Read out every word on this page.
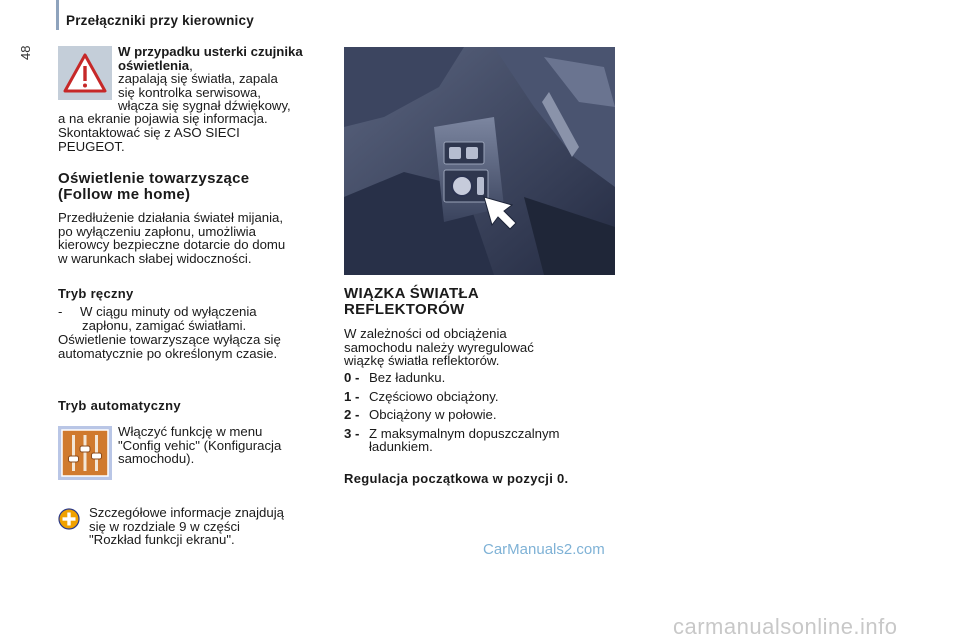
48
Przełączniki przy kierownicy
W przypadku usterki czujnika oświetlenia,
zapalają się światła, zapala
się kontrolka serwisowa,
włącza się sygnał dźwiękowy,
a na ekranie pojawia się informacja.
Skontaktować się z ASO SIECI
PEUGEOT.
Oświetlenie towarzyszące
(Follow me home)
Przedłużenie działania świateł mijania,
po wyłączeniu zapłonu, umożliwia
kierowcy bezpieczne dotarcie do domu
w warunkach słabej widoczności.
Tryb ręczny
- W ciągu minuty od wyłączenia
zapłonu, zamigać światłami.
Oświetlenie towarzyszące wyłącza się
automatycznie po określonym czasie.
Tryb automatyczny
Włączyć funkcję w menu
"Config vehic" (Konfiguracja
samochodu).
Szczegółowe informacje znajdują
się w rozdziale 9 w części
"Rozkład funkcji ekranu".
WIĄZKA ŚWIATŁA
REFLEKTORÓW
W zależności od obciążenia
samochodu należy wyregulować
wiązkę światła reflektorów.
0 - Bez ładunku.
1 - Częściowo obciążony.
2 - Obciążony w połowie.
3 - Z maksymalnym dopuszczalnym
ładunkiem.
Regulacja początkowa w pozycji 0.
CarManuals2.com
carmanualsonline.info
